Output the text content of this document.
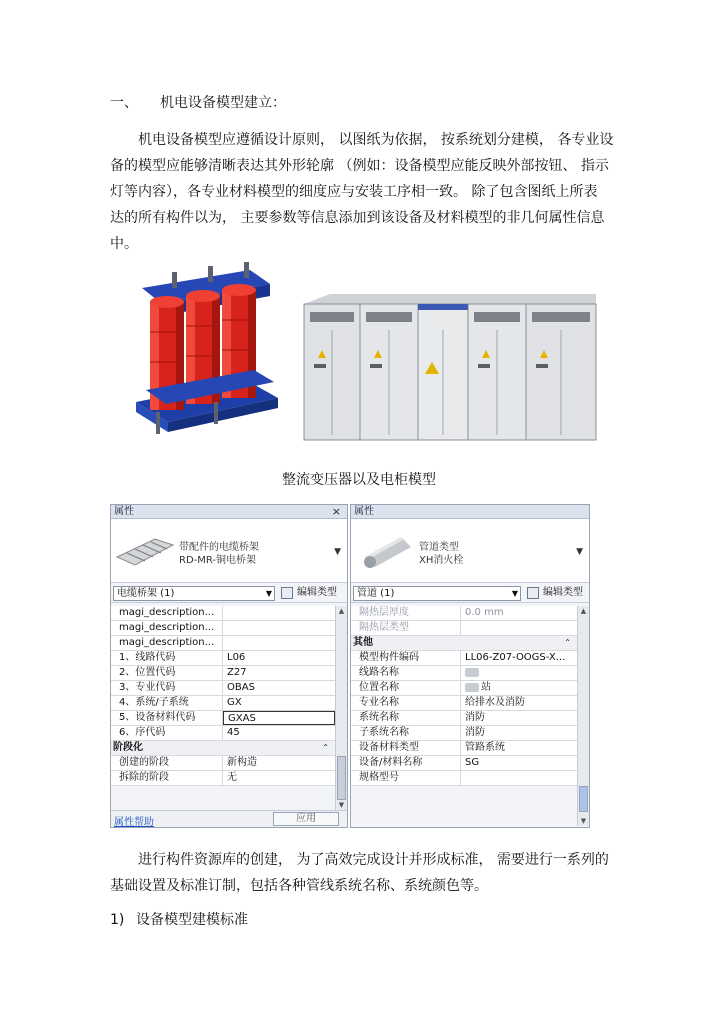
一、 机电设备模型建立：
机电设备模型应遵循设计原则， 以图纸为依据， 按系统划分建模， 各专业设
备的模型应能够清晰表达其外形轮廓 （例如：设备模型应能反映外部按钮、 指示
灯等内容），各专业材料模型的细度应与安装工序相一致。 除了包含图纸上所表
达的所有构件以为， 主要参数等信息添加到该设备及材料模型的非几何属性信息
中。
整流变压器以及电柜模型
属性	×
带配件的电缆桥架
RD-MR-铜电桥架
▼
电缆桥架 (1)	▼	编辑类型
magi_description...
magi_description...
magi_description...
1、线路代码	L06
2、位置代码	Z27
3、专业代码	OBAS
4、系统/子系统	GX
5、设备材料代码	GXAS
6、序代码	45
阶段化	⌃
创建的阶段	新构造
拆除的阶段	无
▲
▼
属性帮助	应用
属性
管道类型
XH消火栓
▼
管道 (1)	▼	编辑类型
隔热层厚度	0.0 mm
隔热层类型
其他	⌃
模型构件编码	LL06-Z07-OOGS-X...
线路名称
位置名称	站
专业名称	给排水及消防
系统名称	消防
子系统名称	消防
设备材料类型	管路系统
设备/材料名称	SG
规格型号
▲
▼
进行构件资源库的创建， 为了高效完成设计并形成标准， 需要进行一系列的
基础设置及标准订制，包括各种管线系统名称、系统颜色等。
1) 设备模型建模标准
